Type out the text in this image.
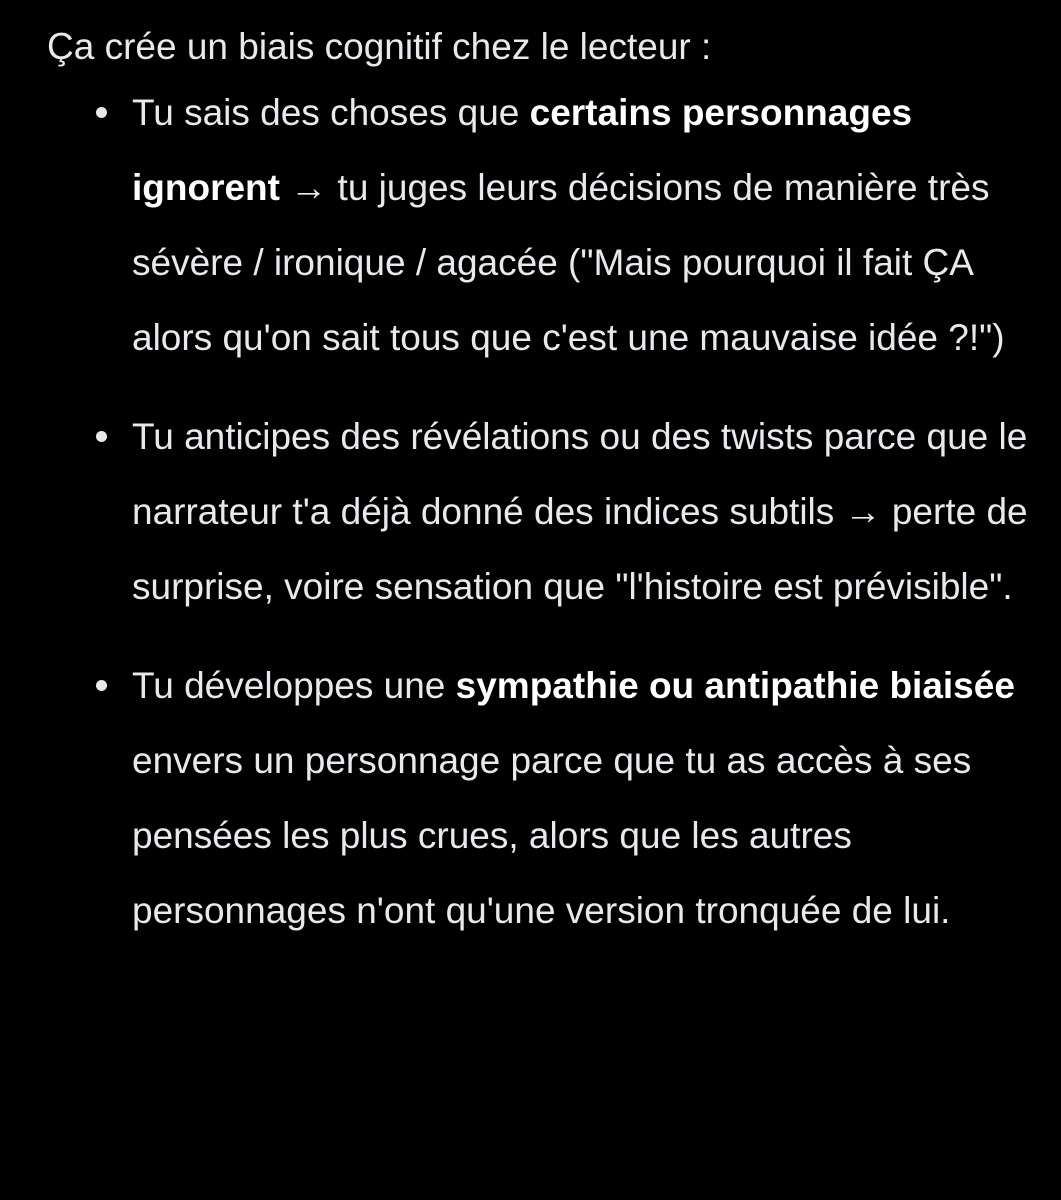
Ça crée un biais cognitif chez le lecteur :
Tu sais des choses que certains personnages ignorent → tu juges leurs décisions de manière très sévère / ironique / agacée ("Mais pourquoi il fait ÇA alors qu'on sait tous que c'est une mauvaise idée ?!")
Tu anticipes des révélations ou des twists parce que le narrateur t'a déjà donné des indices subtils → perte de surprise, voire sensation que "l'histoire est prévisible".
Tu développes une sympathie ou antipathie biaisée envers un personnage parce que tu as accès à ses pensées les plus crues, alors que les autres personnages n'ont qu'une version tronquée de lui.
